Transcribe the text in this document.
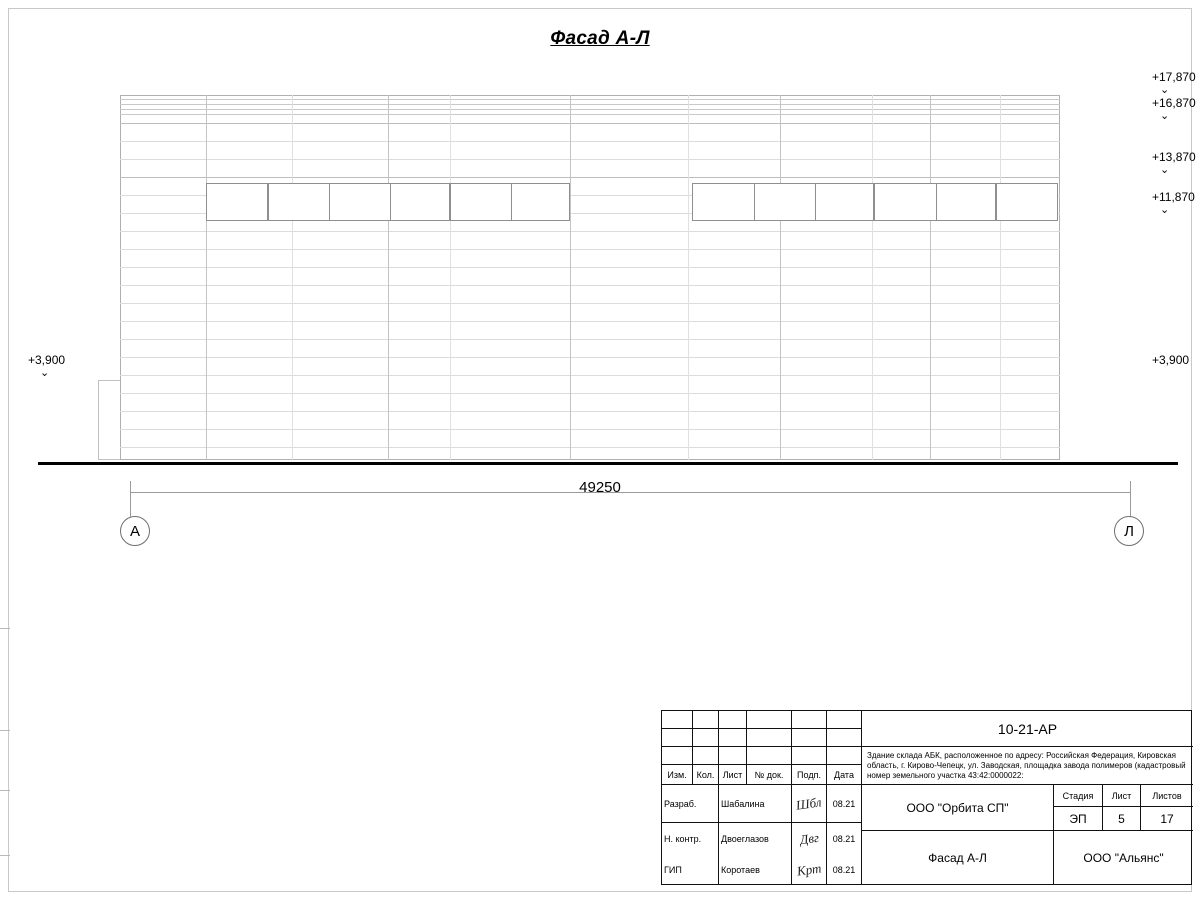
Фасад А-Л
+17,870
⌄
+16,870
⌄
+13,870
⌄
+11,870
⌄
+3,900
+3,900
⌄
49250
А	Л
10-21-АР
Здание склада АБК, расположенное по адресу: Российская Федерация, Кировская область, г. Кирово-Чепецк, ул. Заводская, площадка завода полимеров (кадастровый номер земельного участка 43:42:0000022:
Изм.	Кол. Лист	№ док.	Подп.	Дата
Разраб.	Шабалина	Шбл	08.21
Н. контр.	Двоеглазов	Двг	08.21
ГИП	Коротаев	Крт	08.21
ООО "Орбита СП"
Фасад А-Л
Стадия	Лист	Листов
ЭП	5	17
ООО "Альянс"
